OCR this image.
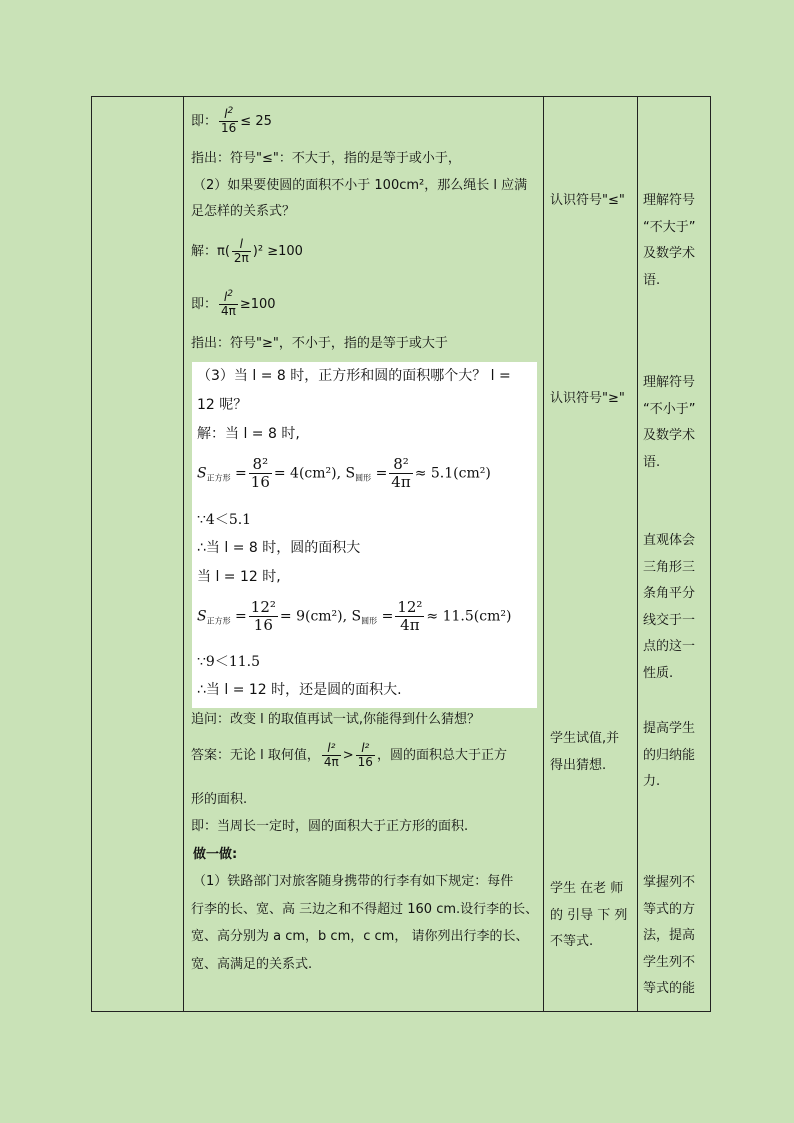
即： $\frac{l^2}{16} \le 25$
指出：符号"≤"：不大于，指的是等于或小于，
（2）如果要使圆的面积不小于 100cm²，那么绳长 l 应满
足怎样的关系式？
解：$\pi( \frac{l}{2\pi} )^2 \ge 100$
即： $\frac{l^2}{4\pi} \ge 100$
指出：符号"≥"，不小于，指的是等于或大于
（3）当 l = 8 时，正方形和圆的面积哪个大？ l =
12 呢？
解：当 l = 8 时,
$S_{正方形} = \frac{\text{8²}}{16} = 4(cm^2)$, $S_{圆形} = \frac{\text{8²}}{4\pi} \approx 5.1(cm^2)$
∵4＜5.1
∴当 l = 8 时，圆的面积大
当 l = 12 时,
$S_{正方形} = \frac{\text{12²}}{16} = 9(cm^2)$, $S_{圆形} = \frac{\text{12²}}{4\pi} \approx 11.5(cm^2)$
∵9＜11.5
∴当 l = 12 时，还是圆的面积大.
追问：改变 l 的取值再试一试,你能得到什么猜想？
答案：无论 l 取何值， $\frac{\text{l²}}{4\pi} > \frac{\text{l²}}{16}$ ，圆的面积总大于正方
形的面积.
即：当周长一定时，圆的面积大于正方形的面积.
做一做:
（1）铁路部门对旅客随身携带的行李有如下规定：每件
行李的长、宽、高 三边之和不得超过 160 cm.设行李的长、
宽、高分别为 a cm，b cm，c cm， 请你列出行李的长、
宽、高满足的关系式.
认识符号"≤"
认识符号"≥"
学生试值,并
得出猜想.
学生 在老 师
的 引导 下 列
不等式.
理解符号
“不大于”
及数学术
语.
理解符号
“不小于”
及数学术
语.
直观体会
三角形三
条角平分
线交于一
点的这一
性质.
提高学生
的归纳能
力.
掌握列不
等式的方
法，提高
学生列不
等式的能
